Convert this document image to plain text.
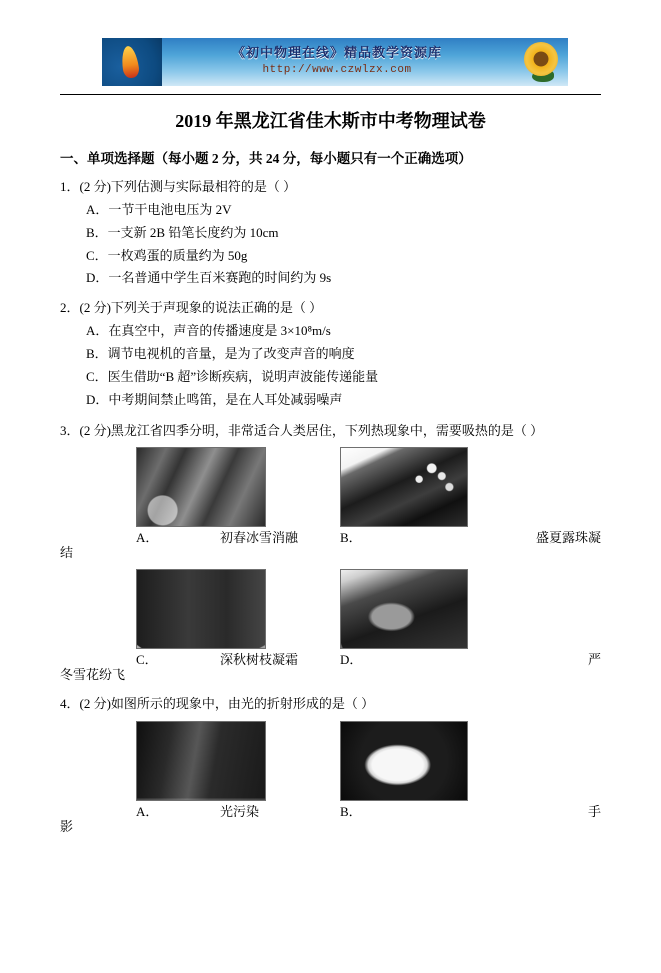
《初中物理在线》精品教学资源库
http://www.czwlzx.com
2019 年黑龙江省佳木斯市中考物理试卷
一、单项选择题（每小题 2 分，共 24 分，每小题只有一个正确选项）
1．(2 分)下列估测与实际最相符的是（ ）
A．一节干电池电压为 2V
B．一支新 2B 铅笔长度约为 10cm
C．一枚鸡蛋的质量约为 50g
D．一名普通中学生百米赛跑的时间约为 9s
2．(2 分)下列关于声现象的说法正确的是（ ）
A．在真空中，声音的传播速度是 3×10⁸m/s
B．调节电视机的音量，是为了改变声音的响度
C．医生借助“B 超”诊断疾病，说明声波能传递能量
D．中考期间禁止鸣笛，是在人耳处减弱噪声
3．(2 分)黑龙江省四季分明，非常适合人类居住，下列热现象中，需要吸热的是（ ）
A．	初春冰雪消融	B．	盛夏露珠凝
结
C．	深秋树枝凝霜	D．	严
冬雪花纷飞
4．(2 分)如图所示的现象中，由光的折射形成的是（ ）
A．	光污染	B．	手
影
